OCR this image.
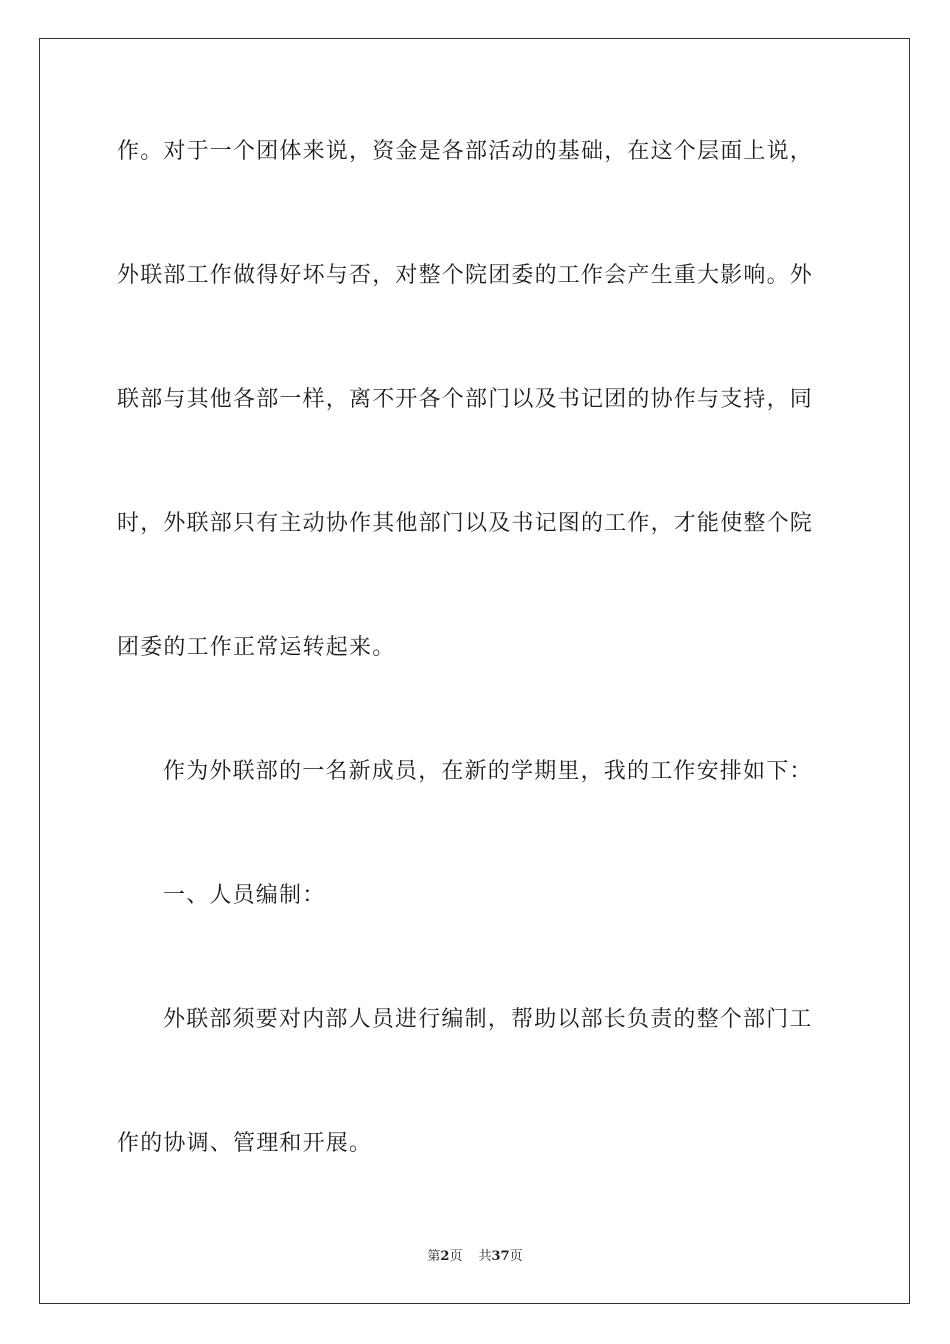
作。对于一个团体来说，资金是各部活动的基础，在这个层面上说，
外联部工作做得好坏与否，对整个院团委的工作会产生重大影响。外
联部与其他各部一样，离不开各个部门以及书记团的协作与支持，同
时，外联部只有主动协作其他部门以及书记图的工作，才能使整个院
团委的工作正常运转起来。
作为外联部的一名新成员，在新的学期里，我的工作安排如下：
一、人员编制：
外联部须要对内部人员进行编制，帮助以部长负责的整个部门工
作的协调、管理和开展。
第2页 共37页
